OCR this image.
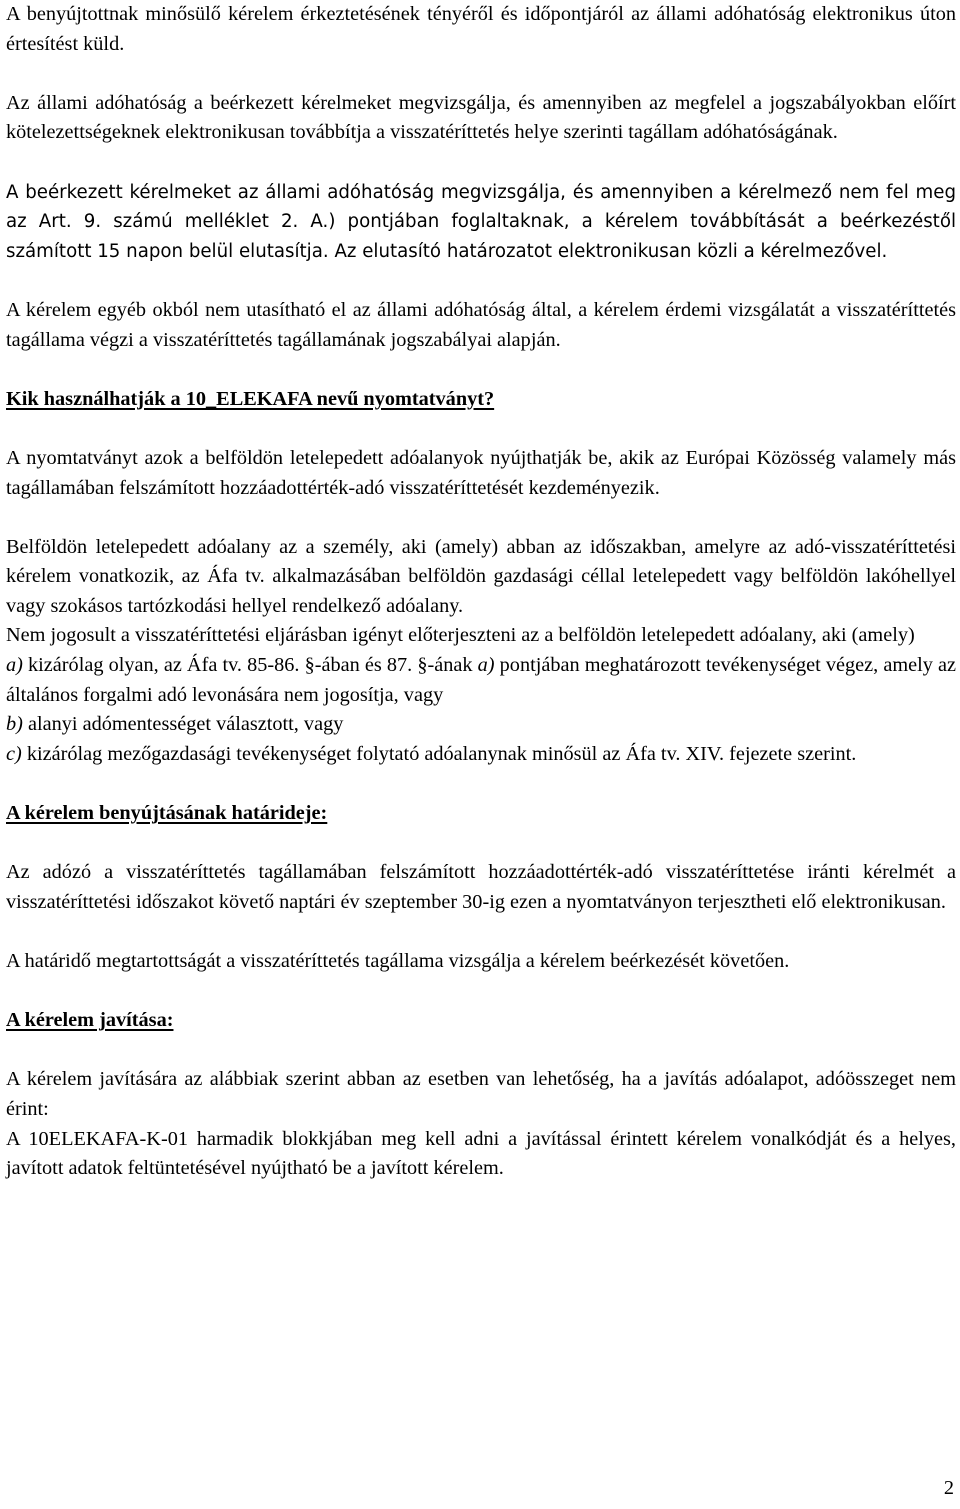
A benyújtottnak minősülő kérelem érkeztetésének tényéről és időpontjáról az állami adóhatóság elektronikus úton értesítést küld.

Az állami adóhatóság a beérkezett kérelmeket megvizsgálja, és amennyiben az megfelel a jogszabályokban előírt kötelezettségeknek elektronikusan továbbítja a visszatéríttetés helye szerinti tagállam adóhatóságának.

A beérkezett kérelmeket az állami adóhatóság megvizsgálja, és amennyiben a kérelmező nem fel meg az Art. 9. számú melléklet 2. A.) pontjában foglaltaknak, a kérelem továbbítását a beérkezéstől számított 15 napon belül elutasítja. Az elutasító határozatot elektronikusan közli a kérelmezővel.

A kérelem egyéb okból nem utasítható el az állami adóhatóság által, a kérelem érdemi vizsgálatát a visszatéríttetés tagállama végzi a visszatéríttetés tagállamának jogszabályai alapján.

Kik használhatják a 10_ELEKAFA nevű nyomtatványt?

A nyomtatványt azok a belföldön letelepedett adóalanyok nyújthatják be, akik az Európai Közösség valamely más tagállamában felszámított hozzáadottérték-adó visszatéríttetését kezdeményezik.

Belföldön letelepedett adóalany az a személy, aki (amely) abban az időszakban, amelyre az adó-visszatéríttetési kérelem vonatkozik, az Áfa tv. alkalmazásában belföldön gazdasági céllal letelepedett vagy belföldön lakóhellyel vagy szokásos tartózkodási hellyel rendelkező adóalany.

Nem jogosult a visszatéríttetési eljárásban igényt előterjeszteni az a belföldön letelepedett adóalany, aki (amely)

a) kizárólag olyan, az Áfa tv. 85-86. §-ában és 87. §-ának a) pontjában meghatározott tevékenységet végez, amely az általános forgalmi adó levonására nem jogosítja, vagy

b) alanyi adómentességet választott, vagy

c) kizárólag mezőgazdasági tevékenységet folytató adóalanynak minősül az Áfa tv. XIV. fejezete szerint.

A kérelem benyújtásának határideje:

Az adózó a visszatéríttetés tagállamában felszámított hozzáadottérték-adó visszatéríttetése iránti kérelmét a visszatéríttetési időszakot követő naptári év szeptember 30-ig ezen a nyomtatványon terjesztheti elő elektronikusan.

A határidő megtartottságát a visszatéríttetés tagállama vizsgálja a kérelem beérkezését követően.

A kérelem javítása:

A kérelem javítására az alábbiak szerint abban az esetben van lehetőség, ha a javítás adóalapot, adóösszeget nem érint:

A 10ELEKAFA-K-01 harmadik blokkjában meg kell adni a javítással érintett kérelem vonalkódját és a helyes, javított adatok feltüntetésével nyújtható be a javított kérelem.

2
